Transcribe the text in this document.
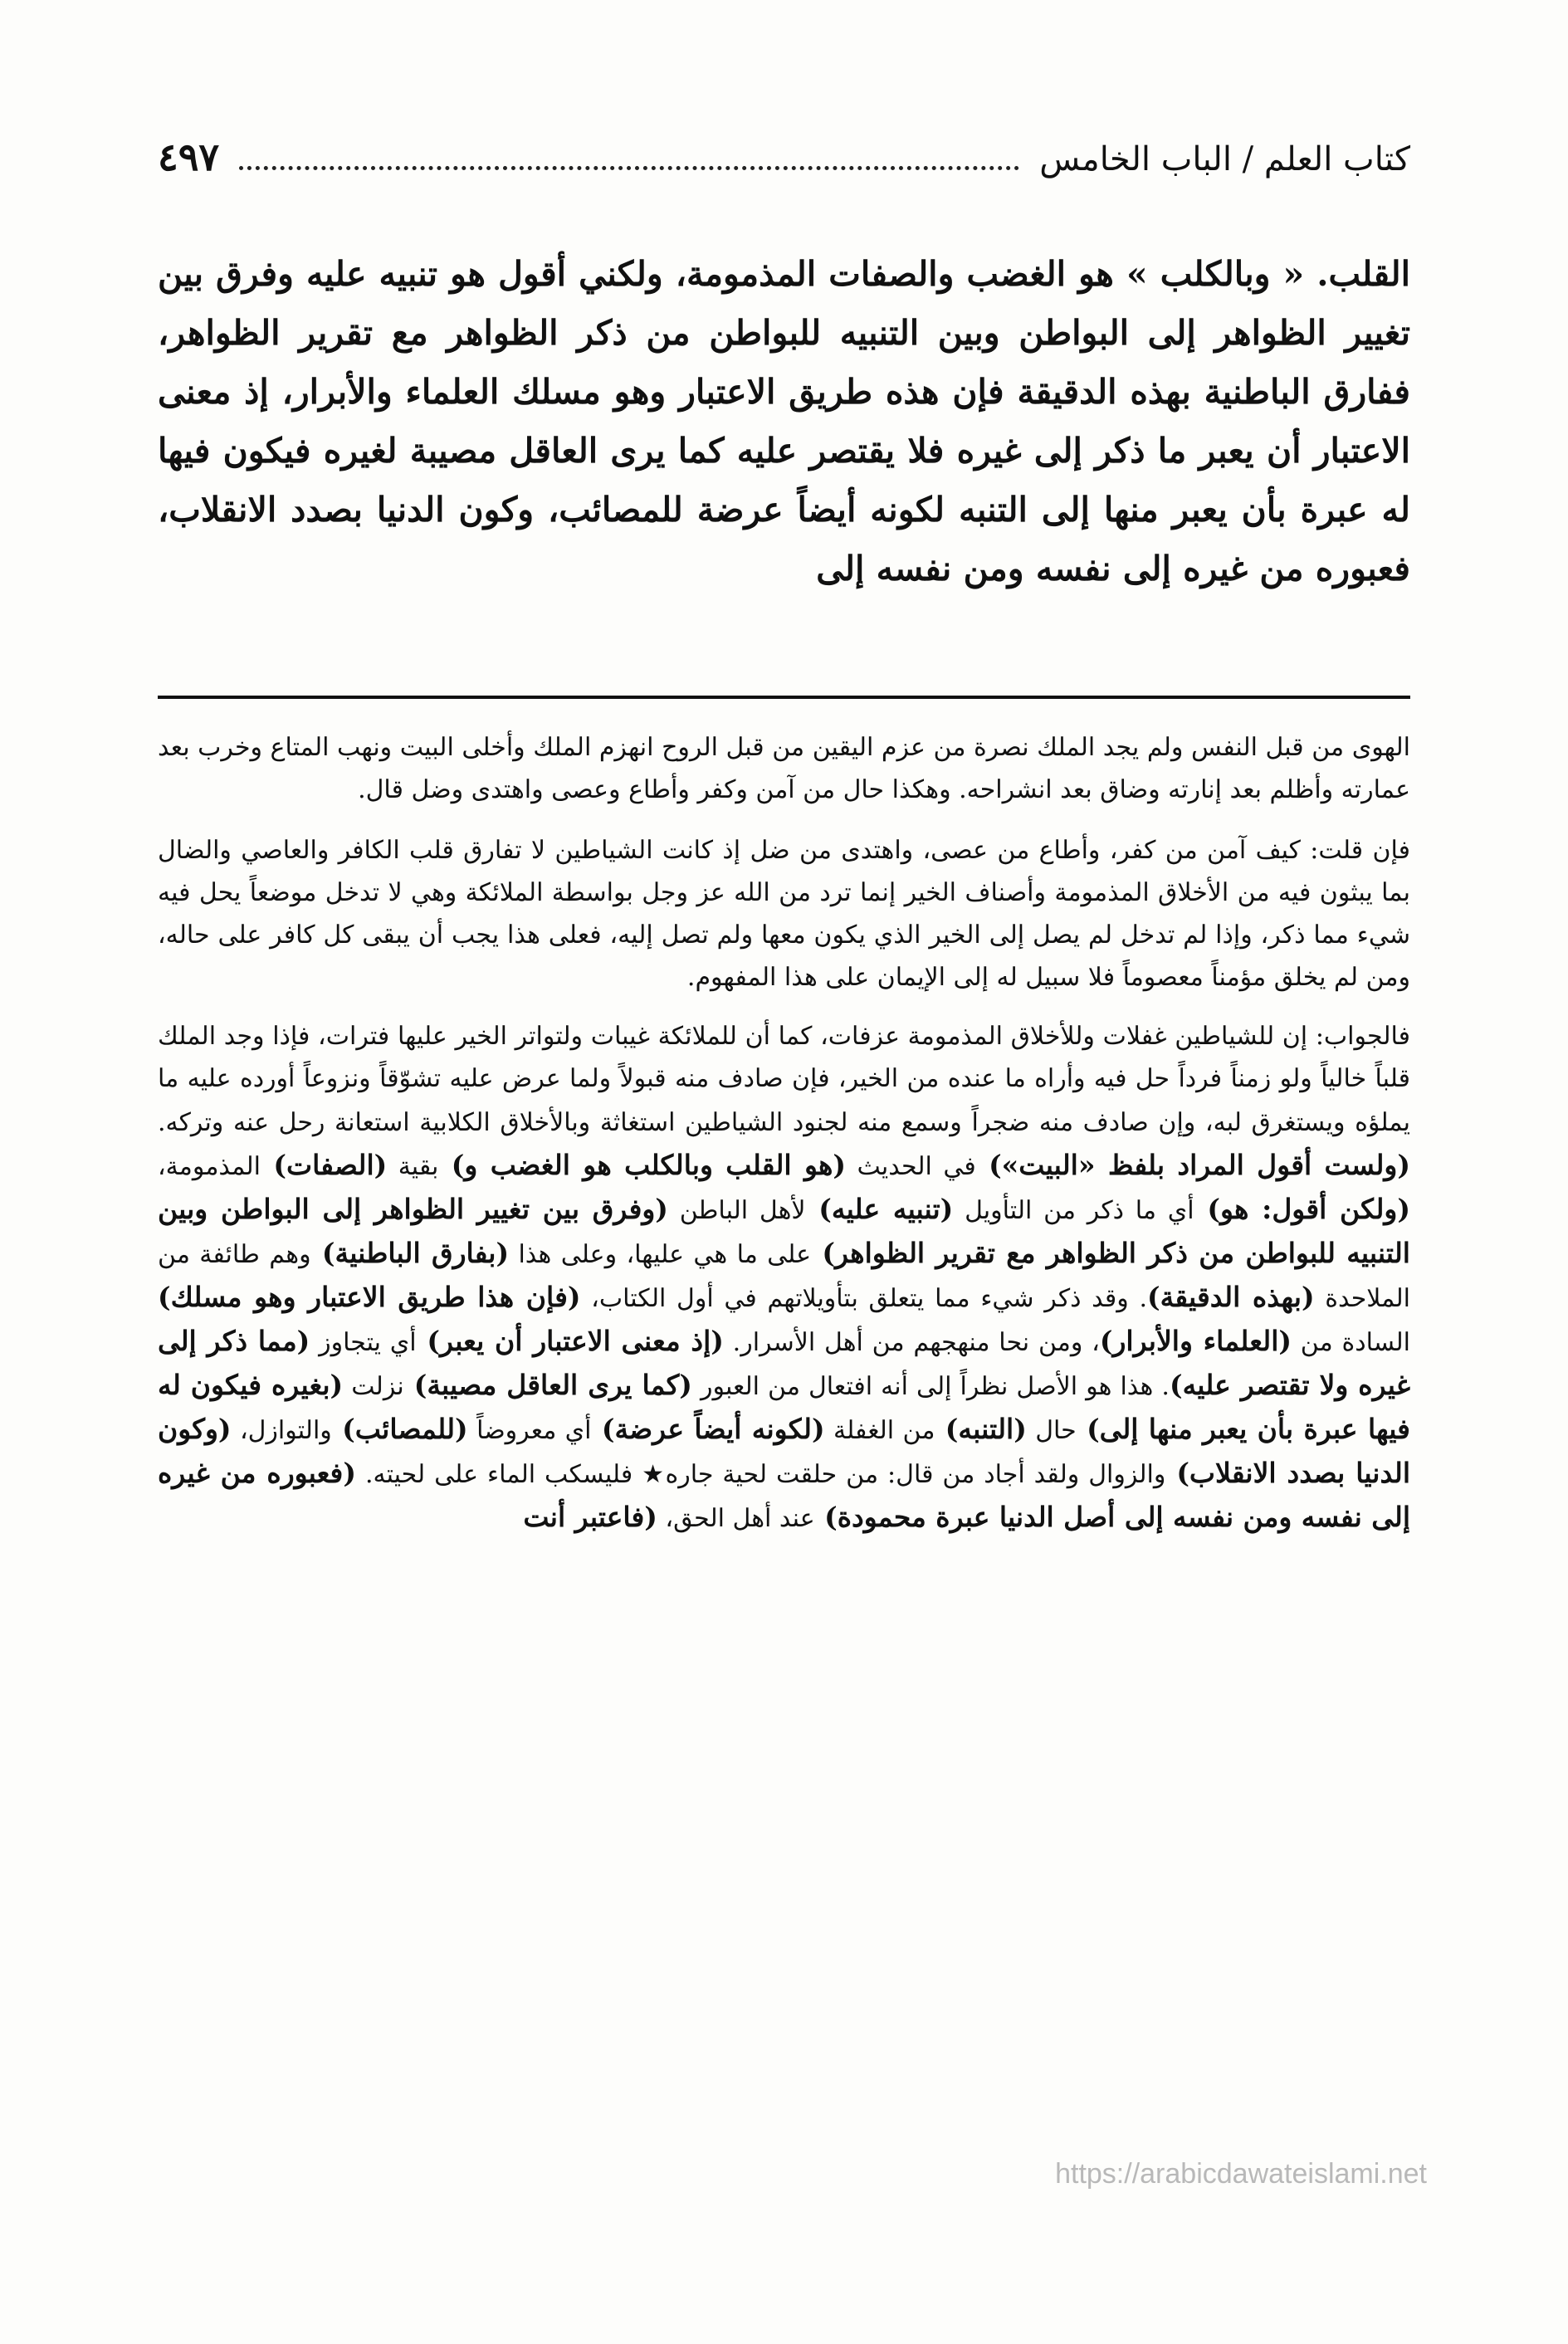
كتاب العلم / الباب الخامس
٤٩٧

القلب. « وبالكلب » هو الغضب والصفات المذمومة، ولكني أقول هو تنبيه عليه وفرق بين تغيير الظواهر إلى البواطن وبين التنبيه للبواطن من ذكر الظواهر مع تقرير الظواهر، ففارق الباطنية بهذه الدقيقة فإن هذه طريق الاعتبار وهو مسلك العلماء والأبرار، إذ معنى الاعتبار أن يعبر ما ذكر إلى غيره فلا يقتصر عليه كما يرى العاقل مصيبة لغيره فيكون فيها له عبرة بأن يعبر منها إلى التنبه لكونه أيضاً عرضة للمصائب، وكون الدنيا بصدد الانقلاب، فعبوره من غيره إلى نفسه ومن نفسه إلى

الهوى من قبل النفس ولم يجد الملك نصرة من عزم اليقين من قبل الروح انهزم الملك وأخلى البيت ونهب المتاع وخرب بعد عمارته وأظلم بعد إنارته وضاق بعد انشراحه. وهكذا حال من آمن وكفر وأطاع وعصى واهتدى وضل قال.

فإن قلت: كيف آمن من كفر، وأطاع من عصى، واهتدى من ضل إذ كانت الشياطين لا تفارق قلب الكافر والعاصي والضال بما يبثون فيه من الأخلاق المذمومة وأصناف الخير إنما ترد من الله عز وجل بواسطة الملائكة وهي لا تدخل موضعاً يحل فيه شيء مما ذكر، وإذا لم تدخل لم يصل إلى الخير الذي يكون معها ولم تصل إليه، فعلى هذا يجب أن يبقى كل كافر على حاله، ومن لم يخلق مؤمناً معصوماً فلا سبيل له إلى الإيمان على هذا المفهوم.

فالجواب: إن للشياطين غفلات وللأخلاق المذمومة عزفات، كما أن للملائكة غيبات ولتواتر الخير عليها فترات، فإذا وجد الملك قلباً خالياً ولو زمناً فرداً حل فيه وأراه ما عنده من الخير، فإن صادف منه قبولاً ولما عرض عليه تشوّقاً ونزوعاً أورده عليه ما يملؤه ويستغرق لبه، وإن صادف منه ضجراً وسمع منه لجنود الشياطين استغاثة وبالأخلاق الكلابية استعانة رحل عنه وتركه. (ولست أقول المراد بلفظ «البيت») في الحديث (هو القلب وبالكلب هو الغضب و) بقية (الصفات) المذمومة، (ولكن أقول: هو) أي ما ذكر من التأويل (تنبيه عليه) لأهل الباطن (وفرق بين تغيير الظواهر إلى البواطن وبين التنبيه للبواطن من ذكر الظواهر مع تقرير الظواهر) على ما هي عليها، وعلى هذا (بفارق الباطنية) وهم طائفة من الملاحدة (بهذه الدقيقة). وقد ذكر شيء مما يتعلق بتأويلاتهم في أول الكتاب، (فإن هذا طريق الاعتبار وهو مسلك) السادة من (العلماء والأبرار)، ومن نحا منهجهم من أهل الأسرار. (إذ معنى الاعتبار أن يعبر) أي يتجاوز (مما ذكر إلى غيره ولا تقتصر عليه). هذا هو الأصل نظراً إلى أنه افتعال من العبور (كما يرى العاقل مصيبة) نزلت (بغيره فيكون له فيها عبرة بأن يعبر منها إلى) حال (التنبه) من الغفلة (لكونه أيضاً عرضة) أي معروضاً (للمصائب) والتوازل، (وكون الدنيا بصدد الانقلاب) والزوال ولقد أجاد من قال: من حلقت لحية جاره★ فليسكب الماء على لحيته. (فعبوره من غيره إلى نفسه ومن نفسه إلى أصل الدنيا عبرة محمودة) عند أهل الحق، (فاعتبر أنت

https://arabicdawateislami.net
